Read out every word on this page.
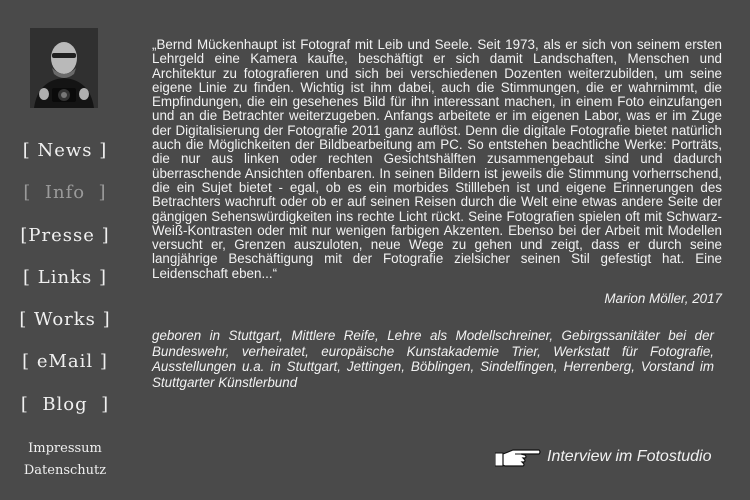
[ News ]
[  Info  ]
[Presse ]
[ Links ]
[ Works ]
[ eMail ]
[  Blog  ]
Impressum
Datenschutz

„Bernd Mückenhaupt ist Fotograf mit Leib und Seele. Seit 1973, als er sich von seinem ersten Lehrgeld eine Kamera kaufte, beschäftigt er sich damit Landschaften, Menschen und Architektur zu fotografieren und sich bei verschiedenen Dozenten weiterzubilden, um seine eigene Linie zu finden. Wichtig ist ihm dabei, auch die Stimmungen, die er wahrnimmt, die Empfindungen, die ein gesehenes Bild für ihn interessant machen, in einem Foto einzufangen und an die Betrachter weiterzugeben. Anfangs arbeitete er im eigenen Labor, was er im Zuge der Digitalisierung der Fotografie 2011 ganz auflöst. Denn die digitale Fotografie bietet natürlich auch die Möglichkeiten der Bildbearbeitung am PC. So entstehen beachtliche Werke: Porträts, die nur aus linken oder rechten Gesichtshälften zusammengebaut sind und dadurch überraschende Ansichten offenbaren. In seinen Bildern ist jeweils die Stimmung vorherrschend, die ein Sujet bietet - egal, ob es ein morbides Stillleben ist und eigene Erinnerungen des Betrachters wachruft oder ob er auf seinen Reisen durch die Welt eine etwas andere Seite der gängigen Sehenswürdigkeiten ins rechte Licht rückt. Seine Fotografien spielen oft mit Schwarz-Weiß-Kontrasten oder mit nur wenigen farbigen Akzenten. Ebenso bei der Arbeit mit Modellen versucht er, Grenzen auszuloten, neue Wege zu gehen und zeigt, dass er durch seine langjährige Beschäftigung mit der Fotografie zielsicher seinen Stil gefestigt hat. Eine Leidenschaft eben...“

Marion Möller, 2017

geboren in Stuttgart, Mittlere Reife, Lehre als Modellschreiner, Gebirgssanitäter bei der Bundeswehr, verheiratet, europäische Kunstakademie Trier, Werkstatt für Fotografie, Ausstellungen u.a. in Stuttgart, Jettingen, Böblingen, Sindelfingen, Herrenberg, Vorstand im Stuttgarter Künstlerbund

Interview im Fotostudio
